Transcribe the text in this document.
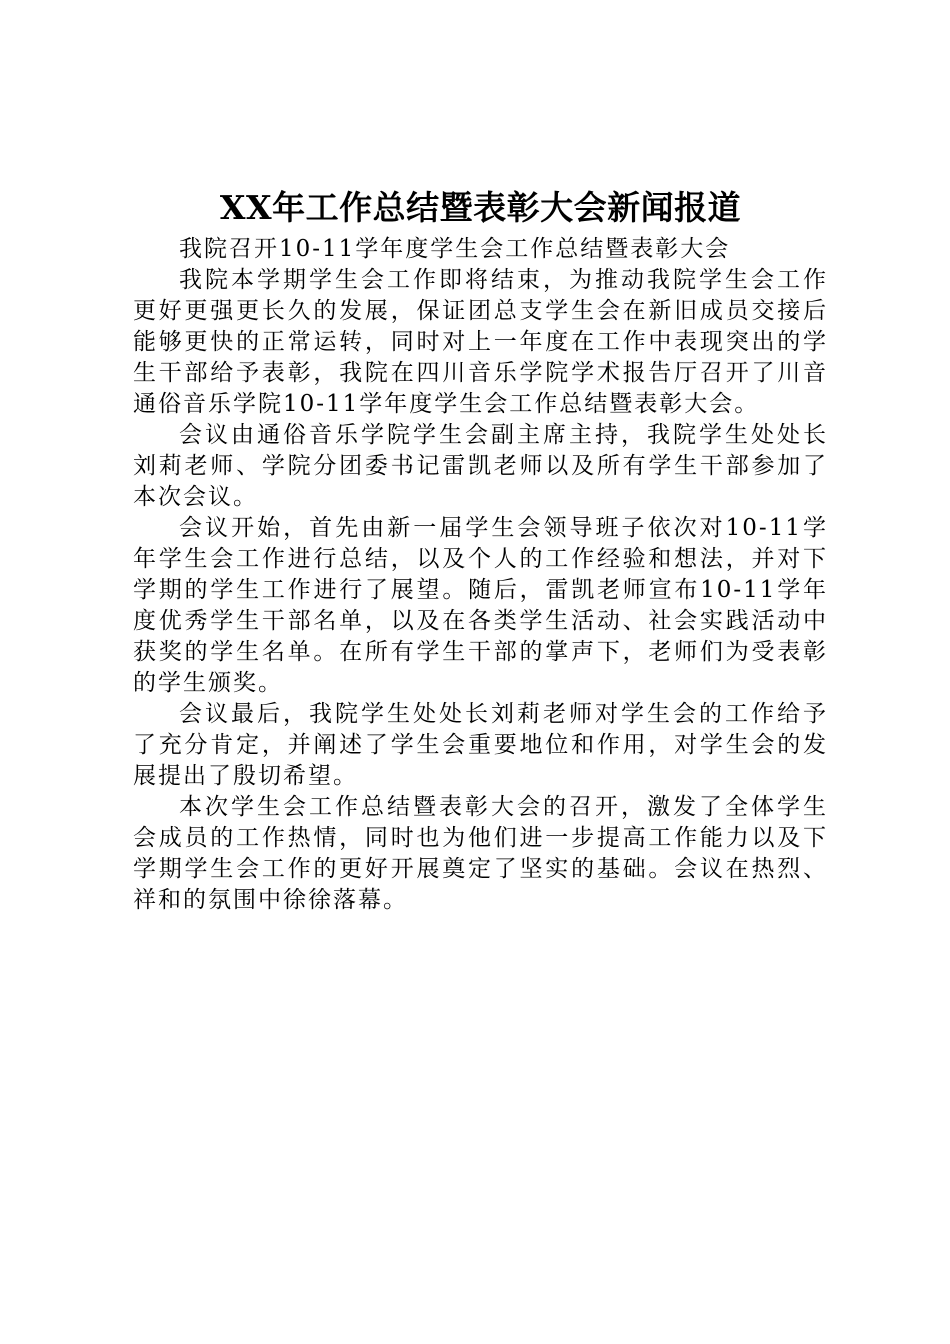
XX年工作总结暨表彰大会新闻报道

我院召开10-11学年度学生会工作总结暨表彰大会

我院本学期学生会工作即将结束，为推动我院学生会工作更好更强更长久的发展，保证团总支学生会在新旧成员交接后能够更快的正常运转，同时对上一年度在工作中表现突出的学生干部给予表彰，我院在四川音乐学院学术报告厅召开了川音通俗音乐学院10-11学年度学生会工作总结暨表彰大会。

会议由通俗音乐学院学生会副主席主持，我院学生处处长刘莉老师、学院分团委书记雷凯老师以及所有学生干部参加了本次会议。

会议开始，首先由新一届学生会领导班子依次对10-11学年学生会工作进行总结，以及个人的工作经验和想法，并对下学期的学生工作进行了展望。随后，雷凯老师宣布10-11学年度优秀学生干部名单，以及在各类学生活动、社会实践活动中获奖的学生名单。在所有学生干部的掌声下，老师们为受表彰的学生颁奖。

会议最后，我院学生处处长刘莉老师对学生会的工作给予了充分肯定，并阐述了学生会重要地位和作用，对学生会的发展提出了殷切希望。

本次学生会工作总结暨表彰大会的召开，激发了全体学生会成员的工作热情，同时也为他们进一步提高工作能力以及下学期学生会工作的更好开展奠定了坚实的基础。会议在热烈、祥和的氛围中徐徐落幕。
